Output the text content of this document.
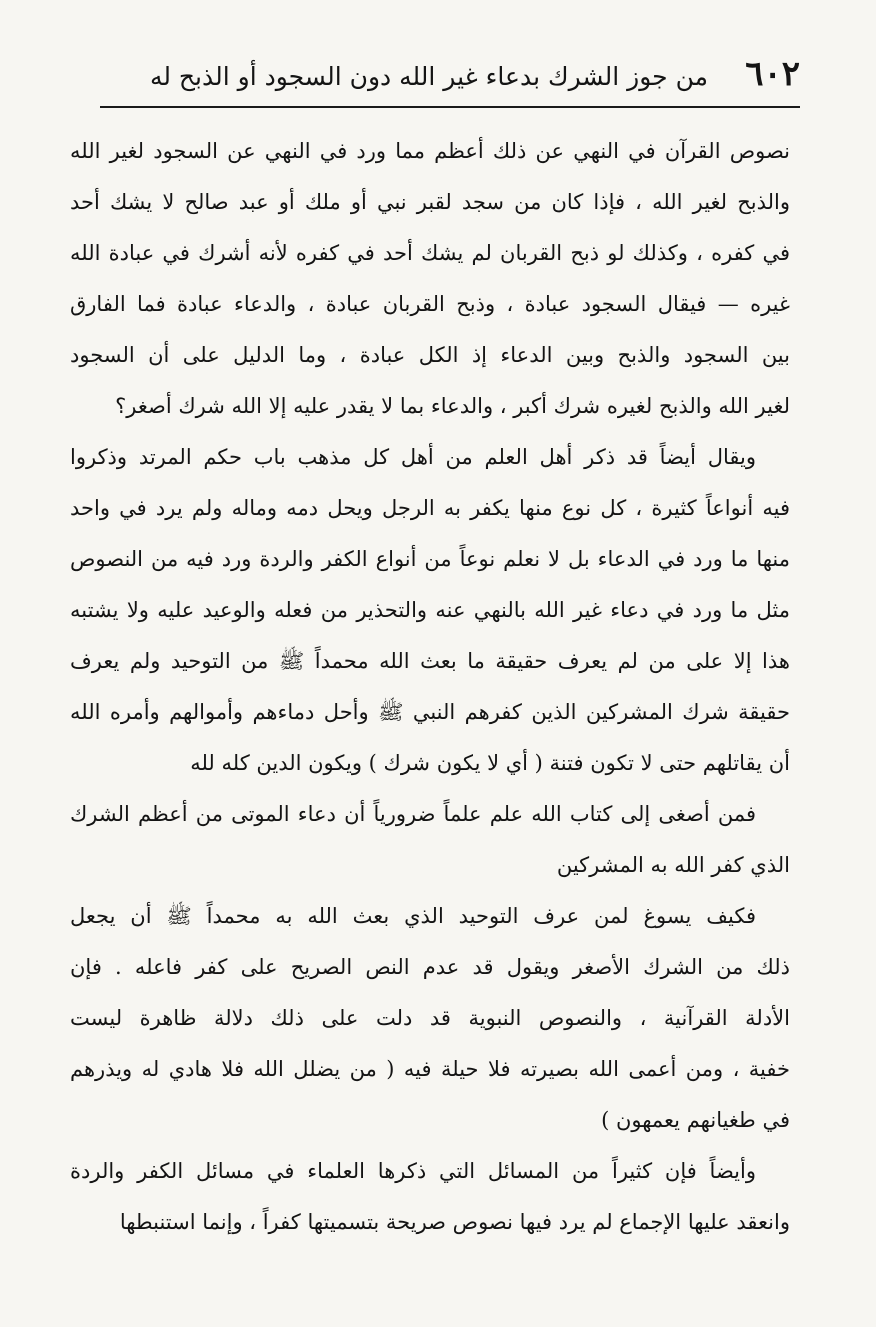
٦٠٢
من جوز الشرك بدعاء غير الله دون السجود أو الذبح له
نصوص القرآن في النهي عن ذلك أعظم مما ورد في النهي عن السجود لغير الله
والذبح لغير الله ، فإذا كان من سجد لقبر نبي أو ملك أو عبد صالح لا يشك أحد
في كفره ، وكذلك لو ذبح القربان لم يشك أحد في كفره لأنه أشرك في عبادة الله
غيره — فيقال السجود عبادة ، وذبح القربان عبادة ، والدعاء عبادة فما الفارق
بين السجود والذبح وبين الدعاء إذ الكل عبادة ، وما الدليل على أن السجود
لغير الله والذبح لغيره شرك أكبر ، والدعاء بما لا يقدر عليه إلا الله شرك أصغر؟
ويقال أيضاً قد ذكر أهل العلم من أهل كل مذهب باب حكم المرتد وذكروا
فيه أنواعاً كثيرة ، كل نوع منها يكفر به الرجل ويحل دمه وماله ولم يرد في واحد
منها ما ورد في الدعاء بل لا نعلم نوعاً من أنواع الكفر والردة ورد فيه من النصوص
مثل ما ورد في دعاء غير الله بالنهي عنه والتحذير من فعله والوعيد عليه ولا يشتبه
هذا إلا على من لم يعرف حقيقة ما بعث الله محمداً ﷺ من التوحيد ولم يعرف
حقيقة شرك المشركين الذين كفرهم النبي ﷺ وأحل دماءهم وأموالهم وأمره الله
أن يقاتلهم حتى لا تكون فتنة ( أي لا يكون شرك ) ويكون الدين كله لله
فمن أصغى إلى كتاب الله علم علماً ضرورياً أن دعاء الموتى من أعظم الشرك
الذي كفر الله به المشركين
فكيف يسوغ لمن عرف التوحيد الذي بعث الله به محمداً ﷺ أن يجعل
ذلك من الشرك الأصغر ويقول قد عدم النص الصريح على كفر فاعله . فإن
الأدلة القرآنية ، والنصوص النبوية قد دلت على ذلك دلالة ظاهرة ليست
خفية ، ومن أعمى الله بصيرته فلا حيلة فيه ( من يضلل الله فلا هادي له ويذرهم
في طغيانهم يعمهون )
وأيضاً فإن كثيراً من المسائل التي ذكرها العلماء في مسائل الكفر والردة
وانعقد عليها الإجماع لم يرد فيها نصوص صريحة بتسميتها كفراً ، وإنما استنبطها
